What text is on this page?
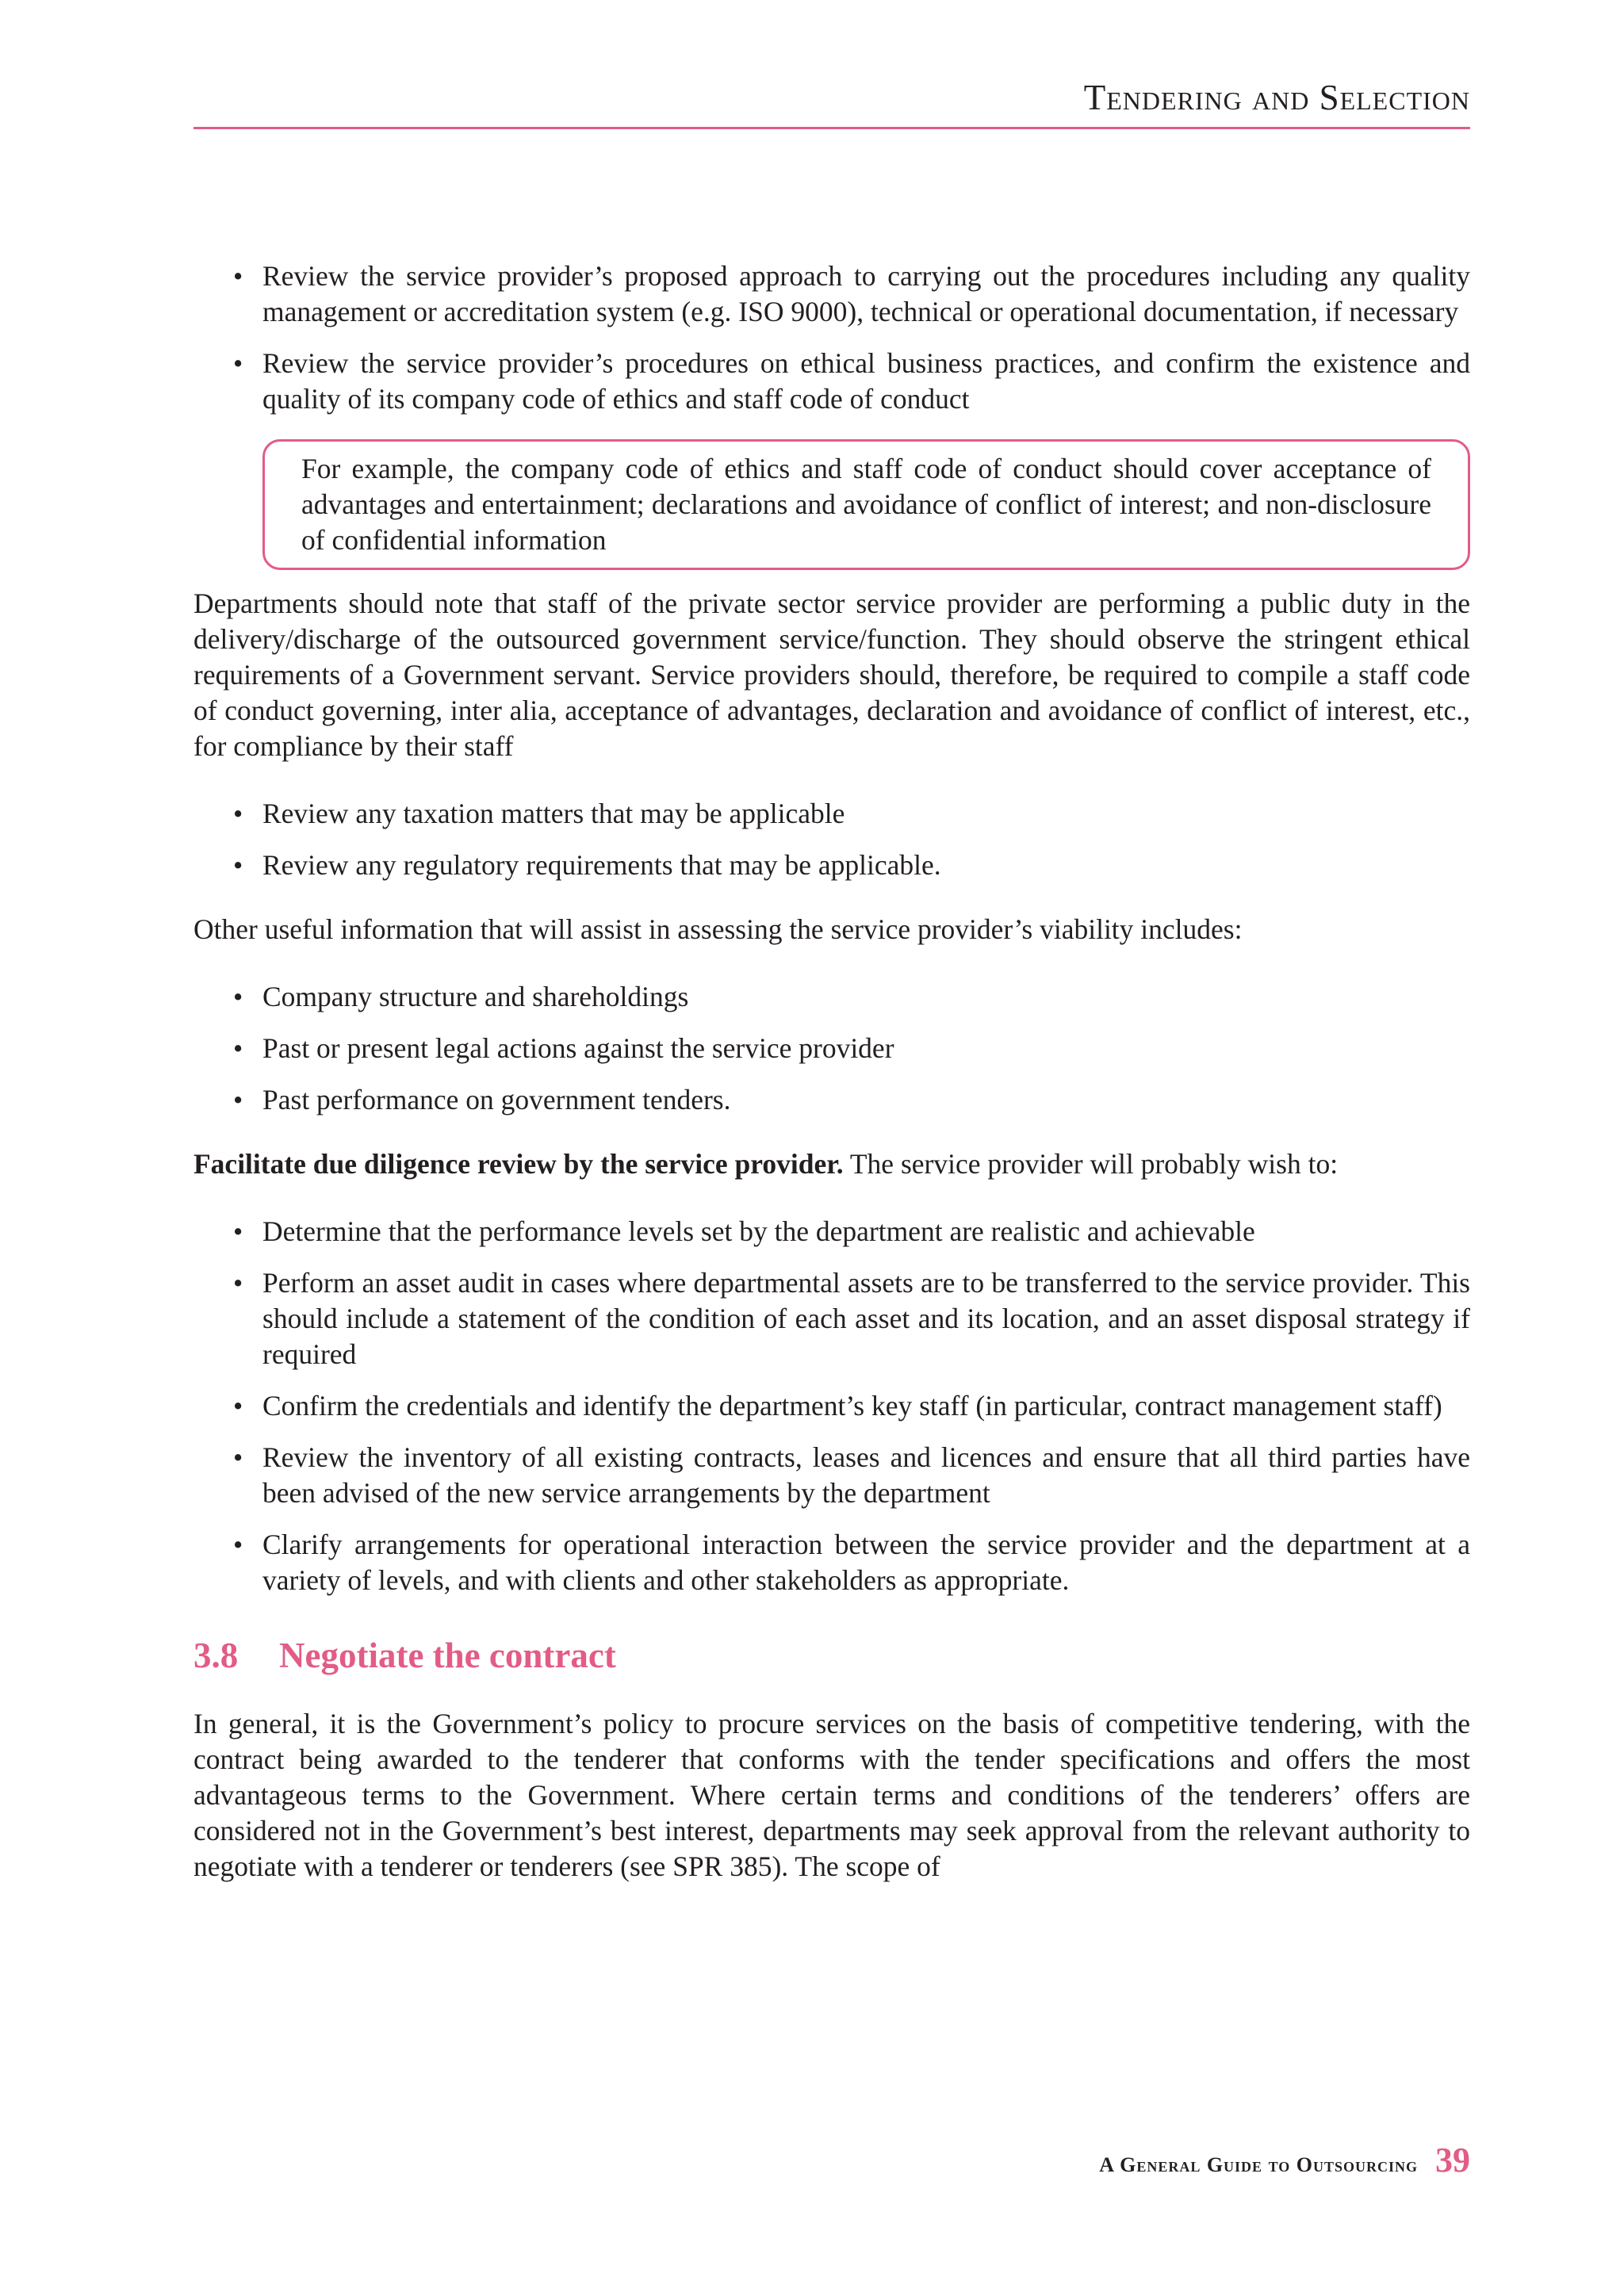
Tendering and Selection
• Review the service provider’s proposed approach to carrying out the procedures including any quality management or accreditation system (e.g. ISO 9000), technical or operational documentation, if necessary
• Review the service provider’s procedures on ethical business practices, and confirm the existence and quality of its company code of ethics and staff code of conduct
For example, the company code of ethics and staff code of conduct should cover acceptance of advantages and entertainment; declarations and avoidance of conflict of interest; and non-disclosure of confidential information

Departments should note that staff of the private sector service provider are performing a public duty in the delivery/discharge of the outsourced government service/function. They should observe the stringent ethical requirements of a Government servant. Service providers should, therefore, be required to compile a staff code of conduct governing, inter alia, acceptance of advantages, declaration and avoidance of conflict of interest, etc., for compliance by their staff

• Review any taxation matters that may be applicable
• Review any regulatory requirements that may be applicable.

Other useful information that will assist in assessing the service provider’s viability includes:

• Company structure and shareholdings
• Past or present legal actions against the service provider
• Past performance on government tenders.

Facilitate due diligence review by the service provider. The service provider will probably wish to:

• Determine that the performance levels set by the department are realistic and achievable
• Perform an asset audit in cases where departmental assets are to be transferred to the service provider. This should include a statement of the condition of each asset and its location, and an asset disposal strategy if required
• Confirm the credentials and identify the department’s key staff (in particular, contract management staff)
• Review the inventory of all existing contracts, leases and licences and ensure that all third parties have been advised of the new service arrangements by the department
• Clarify arrangements for operational interaction between the service provider and the department at a variety of levels, and with clients and other stakeholders as appropriate.
3.8 Negotiate the contract

In general, it is the Government’s policy to procure services on the basis of competitive tendering, with the contract being awarded to the tenderer that conforms with the tender specifications and offers the most advantageous terms to the Government. Where certain terms and conditions of the tenderers’ offers are considered not in the Government’s best interest, departments may seek approval from the relevant authority to negotiate with a tenderer or tenderers (see SPR 385). The scope of

A General Guide to Outsourcing 39
